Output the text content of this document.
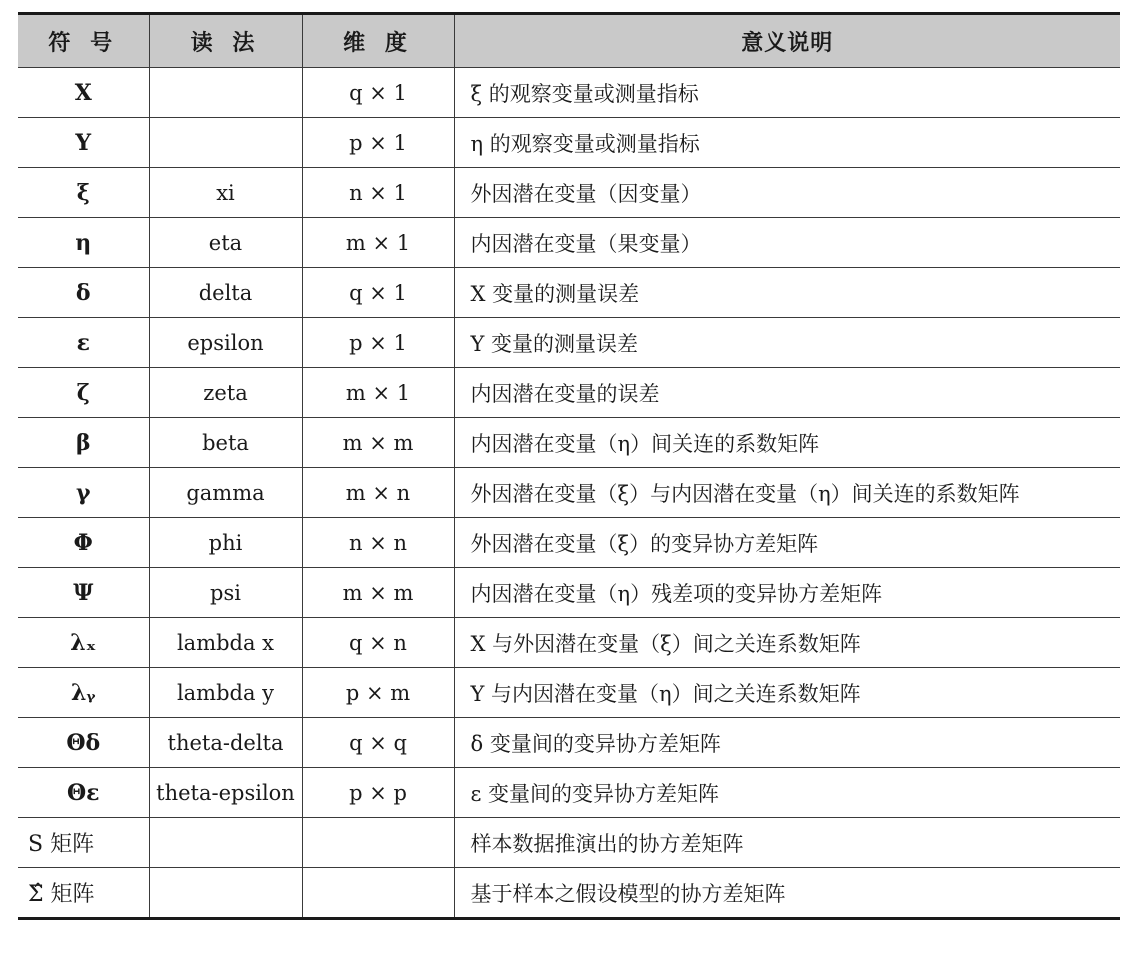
符 号	读 法	维 度	意义说明
X		q × 1	ξ 的观察变量或测量指标
Y		p × 1	η 的观察变量或测量指标
ξ	xi	n × 1	外因潜在变量（因变量）
η	eta	m × 1	内因潜在变量（果变量）
δ	delta	q × 1	X 变量的测量误差
ε	epsilon	p × 1	Y 变量的测量误差
ζ	zeta	m × 1	内因潜在变量的误差
β	beta	m × m	内因潜在变量（η）间关连的系数矩阵
γ	gamma	m × n	外因潜在变量（ξ）与内因潜在变量（η）间关连的系数矩阵
Φ	phi	n × n	外因潜在变量（ξ）的变异协方差矩阵
Ψ	psi	m × m	内因潜在变量（η）残差项的变异协方差矩阵
λₓ	lambda x	q × n	X 与外因潜在变量（ξ）间之关连系数矩阵
λᵧ	lambda y	p × m	Y 与内因潜在变量（η）间之关连系数矩阵
Θδ	theta-delta	q × q	δ 变量间的变异协方差矩阵
Θε	theta-epsilon	p × p	ε 变量间的变异协方差矩阵
S 矩阵			样本数据推演出的协方差矩阵
Σ̂ 矩阵			基于样本之假设模型的协方差矩阵
